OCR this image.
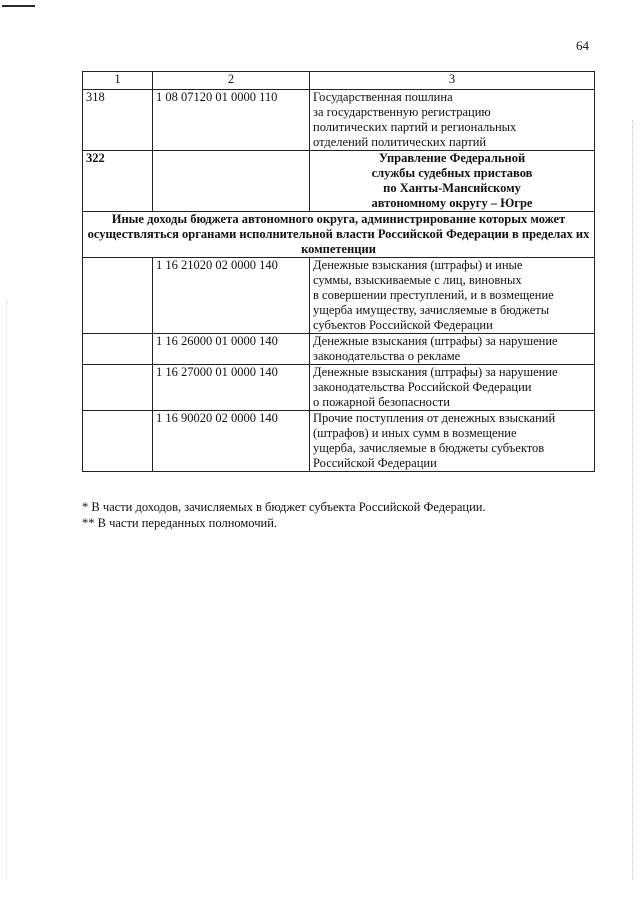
64
1	2	3
318	1 08 07120 01 0000 110	Государственная пошлина
за государственную регистрацию
политических партий и региональных
отделений политических партий
322		Управление Федеральной
службы судебных приставов
по Ханты-Мансийскому
автономному округу – Югре
Иные доходы бюджета автономного округа, администрирование которых может осуществляться органами исполнительной власти Российской Федерации в пределах их компетенции		
	1 16 21020 02 0000 140	Денежные взыскания (штрафы) и иные
суммы, взыскиваемые с лиц, виновных
в совершении преступлений, и в возмещение
ущерба имуществу, зачисляемые в бюджеты
субъектов Российской Федерации
	1 16 26000 01 0000 140	Денежные взыскания (штрафы) за нарушение
законодательства о рекламе
	1 16 27000 01 0000 140	Денежные взыскания (штрафы) за нарушение
законодательства Российской Федерации
о пожарной безопасности
	1 16 90020 02 0000 140	Прочие поступления от денежных взысканий
(штрафов) и иных сумм в возмещение
ущерба, зачисляемые в бюджеты субъектов
Российской Федерации
* В части доходов, зачисляемых в бюджет субъекта Российской Федерации.
** В части переданных полномочий.
